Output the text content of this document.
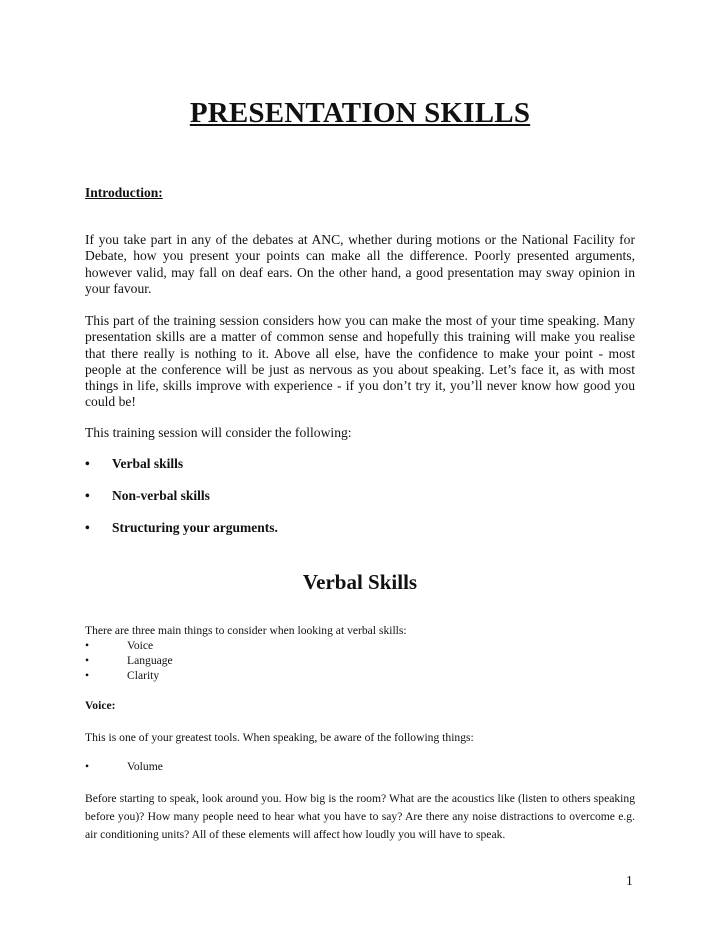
PRESENTATION SKILLS
Introduction:

If you take part in any of the debates at ANC, whether during motions or the National Facility for Debate, how you present your points can make all the difference. Poorly presented arguments, however valid, may fall on deaf ears. On the other hand, a good presentation may sway opinion in your favour.

This part of the training session considers how you can make the most of your time speaking. Many presentation skills are a matter of common sense and hopefully this training will make you realise that there really is nothing to it. Above all else, have the confidence to make your point - most people at the conference will be just as nervous as you about speaking. Let’s face it, as with most things in life, skills improve with experience - if you don’t try it, you’ll never know how good you could be!

This training session will consider the following:

• Verbal skills
• Non-verbal skills
• Structuring your arguments.
Verbal Skills

There are three main things to consider when looking at verbal skills:

•	Voice
•	Language
•	Clarity
Voice:

This is one of your greatest tools. When speaking, be aware of the following things:

•	Volume

Before starting to speak, look around you. How big is the room? What are the acoustics like (listen to others speaking before you)? How many people need to hear what you have to say? Are there any noise distractions to overcome e.g. air conditioning units? All of these elements will affect how loudly you will have to speak.

1
